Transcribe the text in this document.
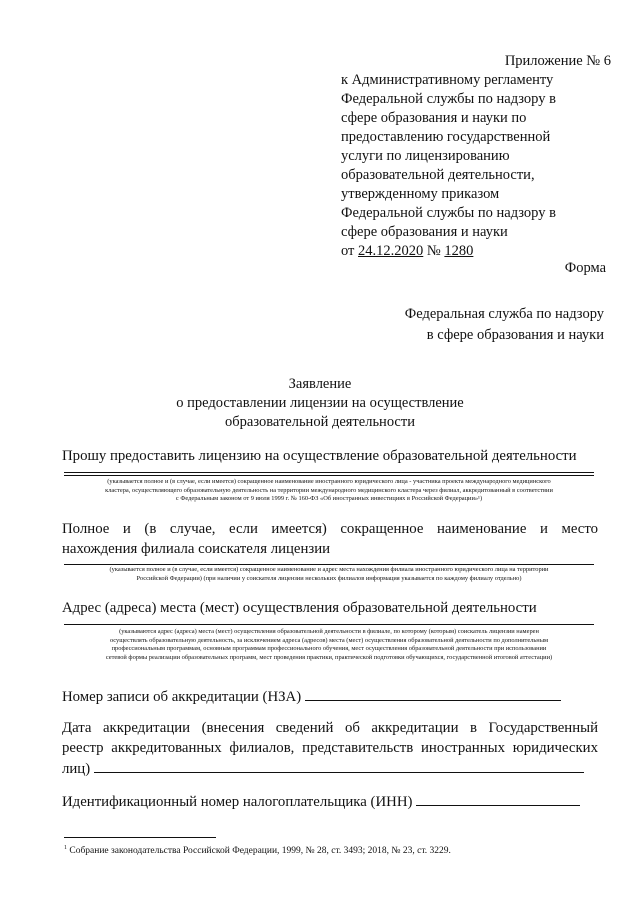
Приложение № 6
к Административному регламенту
Федеральной службы по надзору в
сфере образования и науки по
предоставлению государственной
услуги по лицензированию
образовательной деятельности,
утвержденному приказом
Федеральной службы по надзору в
сфере образования и науки
от 24.12.2020 № 1280
Форма
Федеральная служба по надзору
в сфере образования и науки
Заявление
о предоставлении лицензии на осуществление
образовательной деятельности
Прошу предоставить лицензию на осуществление образовательной деятельности
(указывается полное и (в случае, если имеется) сокращенное наименование иностранного юридического лица - участника проекта международного медицинского
кластера, осуществляющего образовательную деятельность на территории международного медицинского кластера через филиал, аккредитованный в соответствии
с Федеральным законом от 9 июля 1999 г. № 160-ФЗ «Об иностранных инвестициях в Российской Федерации»¹)
Полное и (в случае, если имеется) сокращенное наименование и место
нахождения филиала соискателя лицензии
(указывается полное и (в случае, если имеется) сокращенное наименование и адрес места нахождения филиала иностранного юридического лица на территории
Российской Федерации) (при наличии у соискателя лицензии нескольких филиалов информация указывается по каждому филиалу отдельно)
Адрес (адреса) места (мест) осуществления образовательной деятельности
(указываются адрес (адреса) места (мест) осуществления образовательной деятельности в филиале, по которому (которым) соискатель лицензии намерен
осуществлять образовательную деятельность, за исключением адреса (адресов) места (мест) осуществления образовательной деятельности по дополнительным
профессиональным программам, основным программам профессионального обучения, мест осуществления образовательной деятельности при использовании
сетевой формы реализации образовательных программ, мест проведения практики, практической подготовки обучающихся, государственной итоговой аттестации)
Номер записи об аккредитации (НЗА)
Дата аккредитации (внесения сведений об аккредитации в Государственный
реестр аккредитованных филиалов, представительств иностранных юридических
лиц)
Идентификационный номер налогоплательщика (ИНН)
$^1$ Собрание законодательства Российской Федерации, 1999, № 28, ст. 3493; 2018, № 23, ст. 3229.
